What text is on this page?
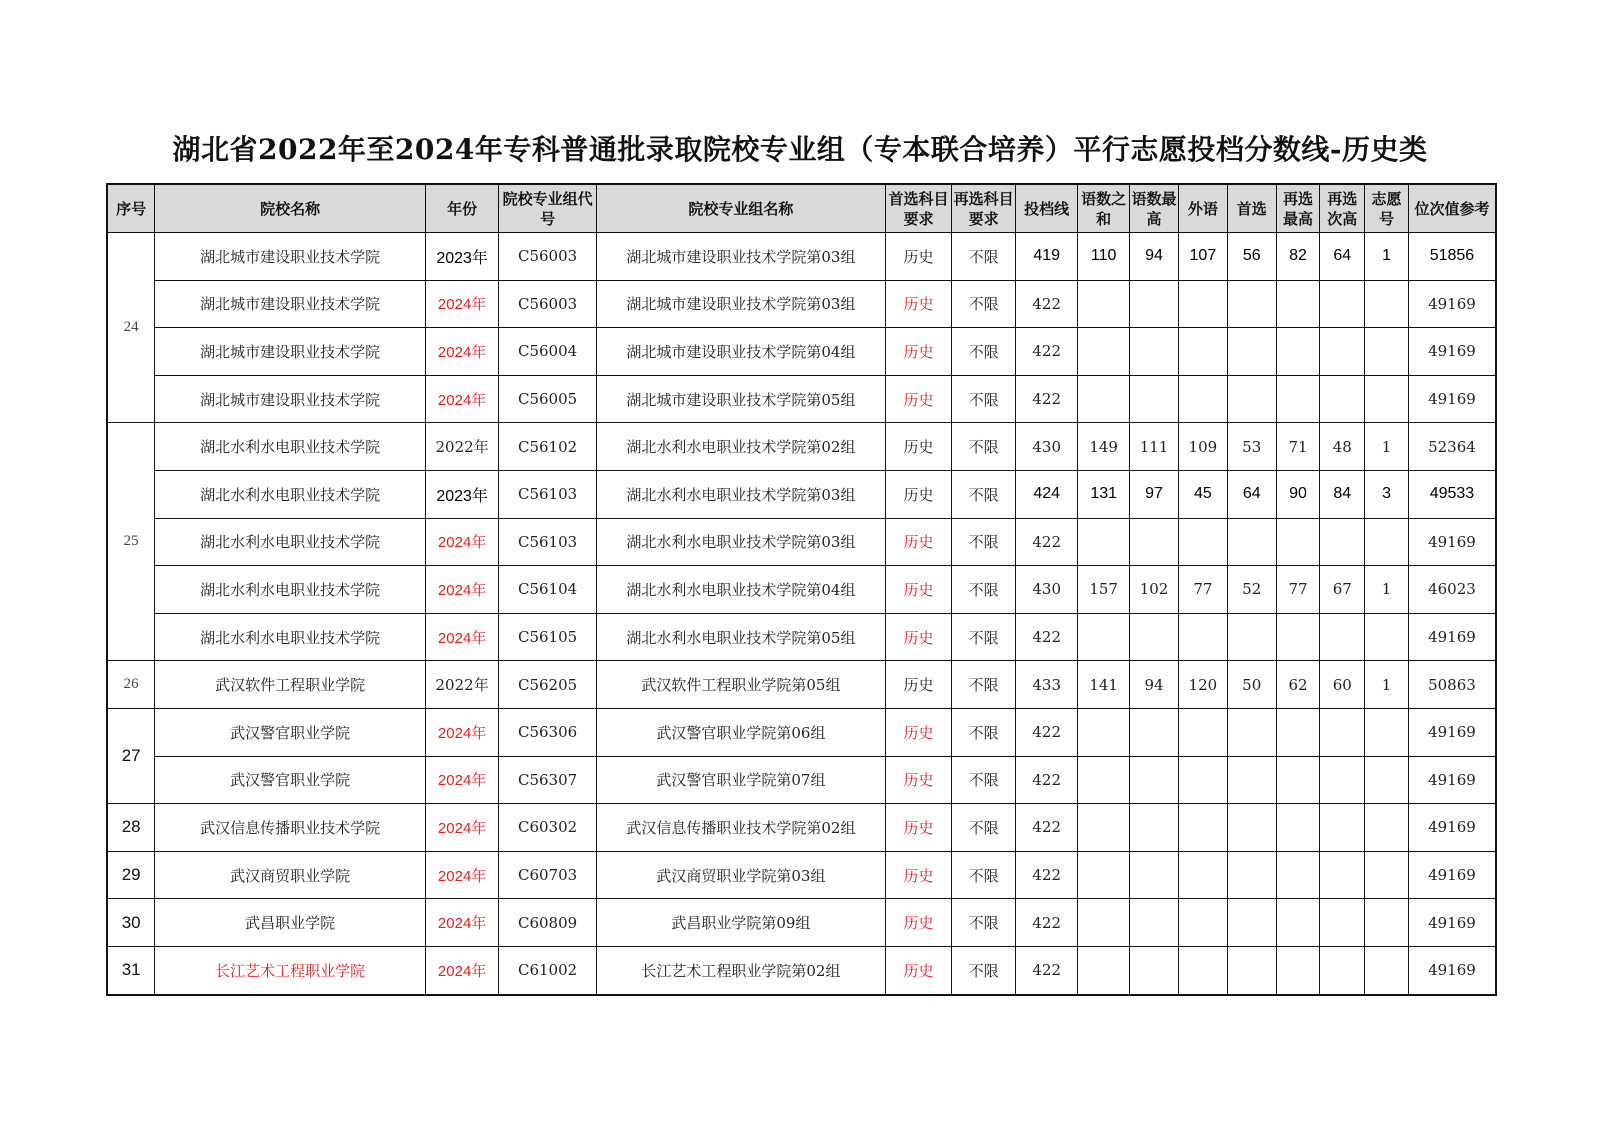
湖北省2022年至2024年专科普通批录取院校专业组（专本联合培养）平行志愿投档分数线-历史类
序号	院校名称	年份	院校专业组代号	院校专业组名称	首选科目要求	再选科目要求	投档线	语数之和	语数最高	外语	首选	再选最高	再选次高	志愿号	位次值参考
24	湖北城市建设职业技术学院	2023年	C56003	湖北城市建设职业技术学院第03组	历史	不限	419	110	94	107	56	82	64	1	51856
	湖北城市建设职业技术学院	2024年	C56003	湖北城市建设职业技术学院第03组	历史	不限	422								49169
	湖北城市建设职业技术学院	2024年	C56004	湖北城市建设职业技术学院第04组	历史	不限	422								49169
	湖北城市建设职业技术学院	2024年	C56005	湖北城市建设职业技术学院第05组	历史	不限	422								49169
25	湖北水利水电职业技术学院	2022年	C56102	湖北水利水电职业技术学院第02组	历史	不限	430	149	111	109	53	71	48	1	52364
	湖北水利水电职业技术学院	2023年	C56103	湖北水利水电职业技术学院第03组	历史	不限	424	131	97	45	64	90	84	3	49533
	湖北水利水电职业技术学院	2024年	C56103	湖北水利水电职业技术学院第03组	历史	不限	422								49169
	湖北水利水电职业技术学院	2024年	C56104	湖北水利水电职业技术学院第04组	历史	不限	430	157	102	77	52	77	67	1	46023
	湖北水利水电职业技术学院	2024年	C56105	湖北水利水电职业技术学院第05组	历史	不限	422								49169
26	武汉软件工程职业学院	2022年	C56205	武汉软件工程职业学院第05组	历史	不限	433	141	94	120	50	62	60	1	50863
27	武汉警官职业学院	2024年	C56306	武汉警官职业学院第06组	历史	不限	422								49169
	武汉警官职业学院	2024年	C56307	武汉警官职业学院第07组	历史	不限	422								49169
28	武汉信息传播职业技术学院	2024年	C60302	武汉信息传播职业技术学院第02组	历史	不限	422								49169
29	武汉商贸职业学院	2024年	C60703	武汉商贸职业学院第03组	历史	不限	422								49169
30	武昌职业学院	2024年	C60809	武昌职业学院第09组	历史	不限	422								49169
31	长江艺术工程职业学院	2024年	C61002	长江艺术工程职业学院第02组	历史	不限	422								49169
